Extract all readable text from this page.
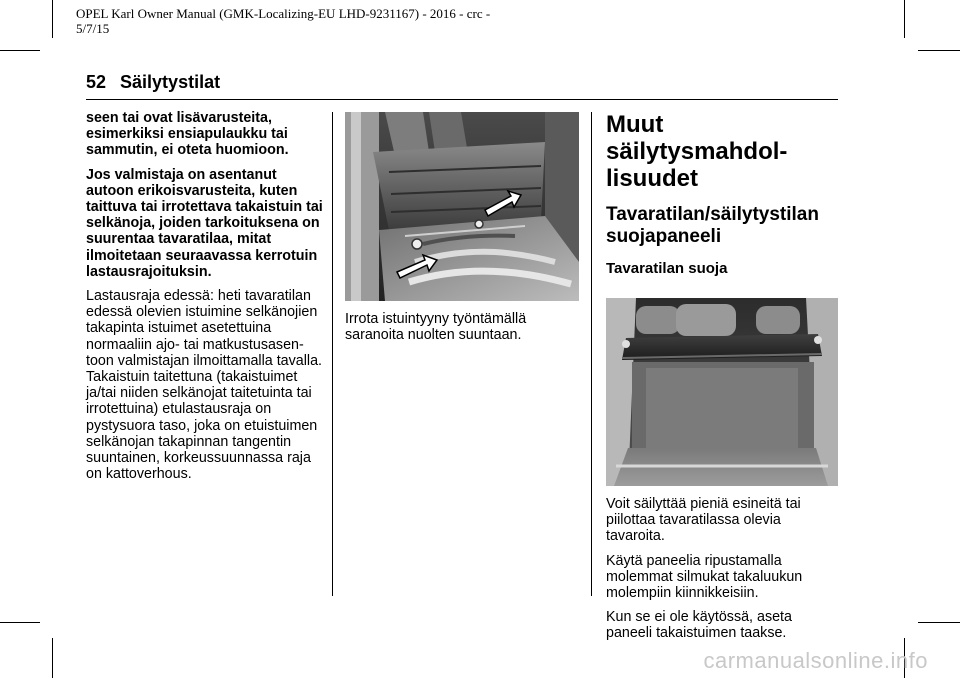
OPEL Karl Owner Manual (GMK-Localizing-EU LHD-9231167) - 2016 - crc - 5/7/15
52 Säilytystilat

seen tai ovat lisävarusteita, esimerkiksi ensiapulaukku tai sammutin, ei oteta huomioon.

Jos valmistaja on asentanut autoon erikoisvarusteita, kuten taittuva tai irrotettava takaistuin tai selkänoja, joiden tarkoituksena on suurentaa tavaratilaa, mitat ilmoitetaan seuraavassa kerrotuin lastausrajoituksin.

Lastausraja edessä: heti tavaratilan edessä olevien istuimine selkänojien takapinta istuimet asetettuina normaaliin ajo- tai matkustusasentoon valmistajan ilmoittamalla tavalla. Takaistuin taitettuna (takaistuimet ja/tai niiden selkänojat taitetuinta tai irrotettuina) etulastausraja on pystysuora taso, joka on etuistuimen selkänojan takapinnan tangentin suuntainen, korkeussuunnassa raja on kattoverhous.

Irrota istuintyyny työntämällä saranoita nuolten suuntaan.

Muut säilytysmahdollisuudet
Tavaratilan/säilytystilan suojapaneeli
Tavaratilan suoja

Voit säilyttää pieniä esineitä tai piilottaa tavaratilassa olevia tavaroita.

Käytä paneelia ripustamalla molemmat silmukat takaluukun molempiin kiinnikkeisiin.

Kun se ei ole käytössä, aseta paneeli takaistuimen taakse.

carmanualsonline.info
